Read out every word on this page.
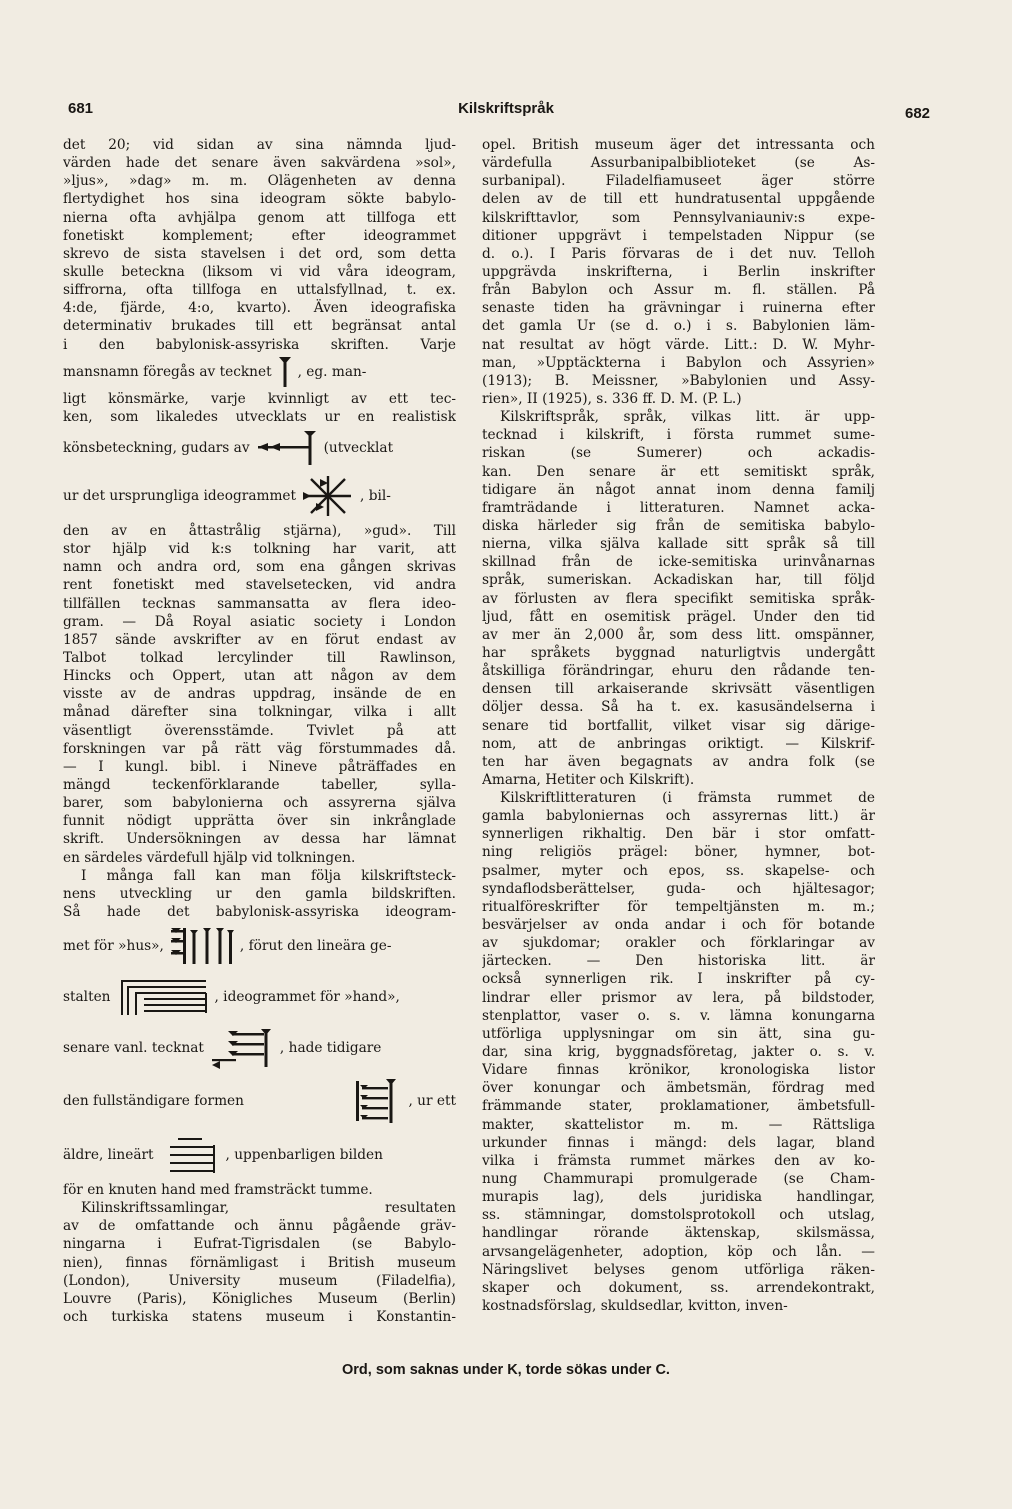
681	Kilskriftspråk	682
det 20; vid sidan av sina nämnda ljud-
värden hade det senare även sakvärdena »sol»,
»ljus», »dag» m. m. Olägenheten av denna
flertydighet hos sina ideogram sökte babylo-
nierna ofta avhjälpa genom att tillfoga ett
fonetiskt komplement; efter ideogrammet
skrevo de sista stavelsen i det ord, som detta
skulle beteckna (liksom vi vid våra ideogram,
siffrorna, ofta tillfoga en uttalsfyllnad, t. ex.
4:de, fjärde, 4:o, kvarto). Även ideografiska
determinativ brukades till ett begränsat antal
i den babylonisk-assyriska skriften. Varje
mansnamn föregås av tecknet , eg. man-
ligt könsmärke, varje kvinnligt av ett tec-
ken, som likaledes utvecklats ur en realistisk
könsbeteckning, gudars av	(utvecklat
ur det ursprungliga ideogrammet	, bil-
den av en åttastrålig stjärna), »gud». Till
stor hjälp vid k:s tolkning har varit, att
namn och andra ord, som ena gången skrivas
rent fonetiskt med stavelsetecken, vid andra
tillfällen tecknas sammansatta av flera ideo-
gram. — Då Royal asiatic society i London
1857 sände avskrifter av en förut endast av
Talbot tolkad lercylinder till Rawlinson,
Hincks och Oppert, utan att någon av dem
visste av de andras uppdrag, insände de en
månad därefter sina tolkningar, vilka i allt
väsentligt överensstämde. Tvivlet på att
forskningen var på rätt väg förstummades då.
— I kungl. bibl. i Nineve påträffades en
mängd teckenförklarande tabeller, sylla-
barer, som babylonierna och assyrerna själva
funnit nödigt upprätta över sin inkrånglade
skrift. Undersökningen av dessa har lämnat
en särdeles värdefull hjälp vid tolkningen.
I många fall kan man följa kilskriftsteck-
nens utveckling ur den gamla bildskriften.
Så hade det babylonisk-assyriska ideogram-
met för »hus»,	, förut den lineära ge-
stalten	, ideogrammet för »hand»,
senare vanl. tecknat	, hade tidigare
den fullständigare formen	, ur ett
äldre, lineärt	, uppenbarligen bilden
för en knuten hand med framsträckt tumme.
Kilinskriftssamlingar, resultaten
av de omfattande och ännu pågående gräv-
ningarna i Eufrat-Tigrisdalen (se Babylo-
nien), finnas förnämligast i British museum
(London), University museum (Filadelfia),
Louvre (Paris), Königliches Museum (Berlin)
och turkiska statens museum i Konstantin-
opel. British museum äger det intressanta och
värdefulla Assurbanipalbiblioteket (se As-
surbanipal). Filadelfiamuseet äger större
delen av de till ett hundratusental uppgående
kilskrifttavlor, som Pennsylvaniauniv:s expe-
ditioner uppgrävt i tempelstaden Nippur (se
d. o.). I Paris förvaras de i det nuv. Telloh
uppgrävda inskrifterna, i Berlin inskrifter
från Babylon och Assur m. fl. ställen. På
senaste tiden ha grävningar i ruinerna efter
det gamla Ur (se d. o.) i s. Babylonien läm-
nat resultat av högt värde. Litt.: D. W. Myhr-
man, »Upptäckterna i Babylon och Assyrien»
(1913); B. Meissner, »Babylonien und Assy-
rien», II (1925), s. 336 ff. D. M. (P. L.)
Kilskriftspråk, språk, vilkas litt. är upp-
tecknad i kilskrift, i första rummet sume-
riskan (se Sumerer) och ackadis-
kan. Den senare är ett semitiskt språk,
tidigare än något annat inom denna familj
framträdande i litteraturen. Namnet acka-
diska härleder sig från de semitiska babylo-
nierna, vilka själva kallade sitt språk så till
skillnad från de icke-semitiska urinvånarnas
språk, sumeriskan. Ackadiskan har, till följd
av förlusten av flera specifikt semitiska språk-
ljud, fått en osemitisk prägel. Under den tid
av mer än 2,000 år, som dess litt. omspänner,
har språkets byggnad naturligtvis undergått
åtskilliga förändringar, ehuru den rådande ten-
densen till arkaiserande skrivsätt väsentligen
döljer dessa. Så ha t. ex. kasusändelserna i
senare tid bortfallit, vilket visar sig därige-
nom, att de anbringas oriktigt. — Kilskrif-
ten har även begagnats av andra folk (se
Amarna, Hetiter och Kilskrift).
Kilskriftlitteraturen (i främsta rummet de
gamla babyloniernas och assyrernas litt.) är
synnerligen rikhaltig. Den bär i stor omfatt-
ning religiös prägel: böner, hymner, bot-
psalmer, myter och epos, ss. skapelse- och
syndaflodsberättelser, guda- och hjältesagor;
ritualföreskrifter för tempeltjänsten m. m.;
besvärjelser av onda andar i och för botande
av sjukdomar; orakler och förklaringar av
järtecken. — Den historiska litt. är
också synnerligen rik. I inskrifter på cy-
lindrar eller prismor av lera, på bildstoder,
stenplattor, vaser o. s. v. lämna konungarna
utförliga upplysningar om sin ätt, sina gu-
dar, sina krig, byggnadsföretag, jakter o. s. v.
Vidare finnas krönikor, kronologiska listor
över konungar och ämbetsmän, fördrag med
främmande stater, proklamationer, ämbetsfull-
makter, skattelistor m. m. — Rättsliga
urkunder finnas i mängd: dels lagar, bland
vilka i främsta rummet märkes den av ko-
nung Chammurapi promulgerade (se Cham-
murapis lag), dels juridiska handlingar,
ss. stämningar, domstolsprotokoll och utslag,
handlingar rörande äktenskap, skilsmässa,
arvsangelägenheter, adoption, köp och lån. —
Näringslivet belyses genom utförliga räken-
skaper och dokument, ss. arrendekontrakt,
kostnadsförslag, skuldsedlar, kvitton, inven-
Ord, som saknas under K, torde sökas under C.
